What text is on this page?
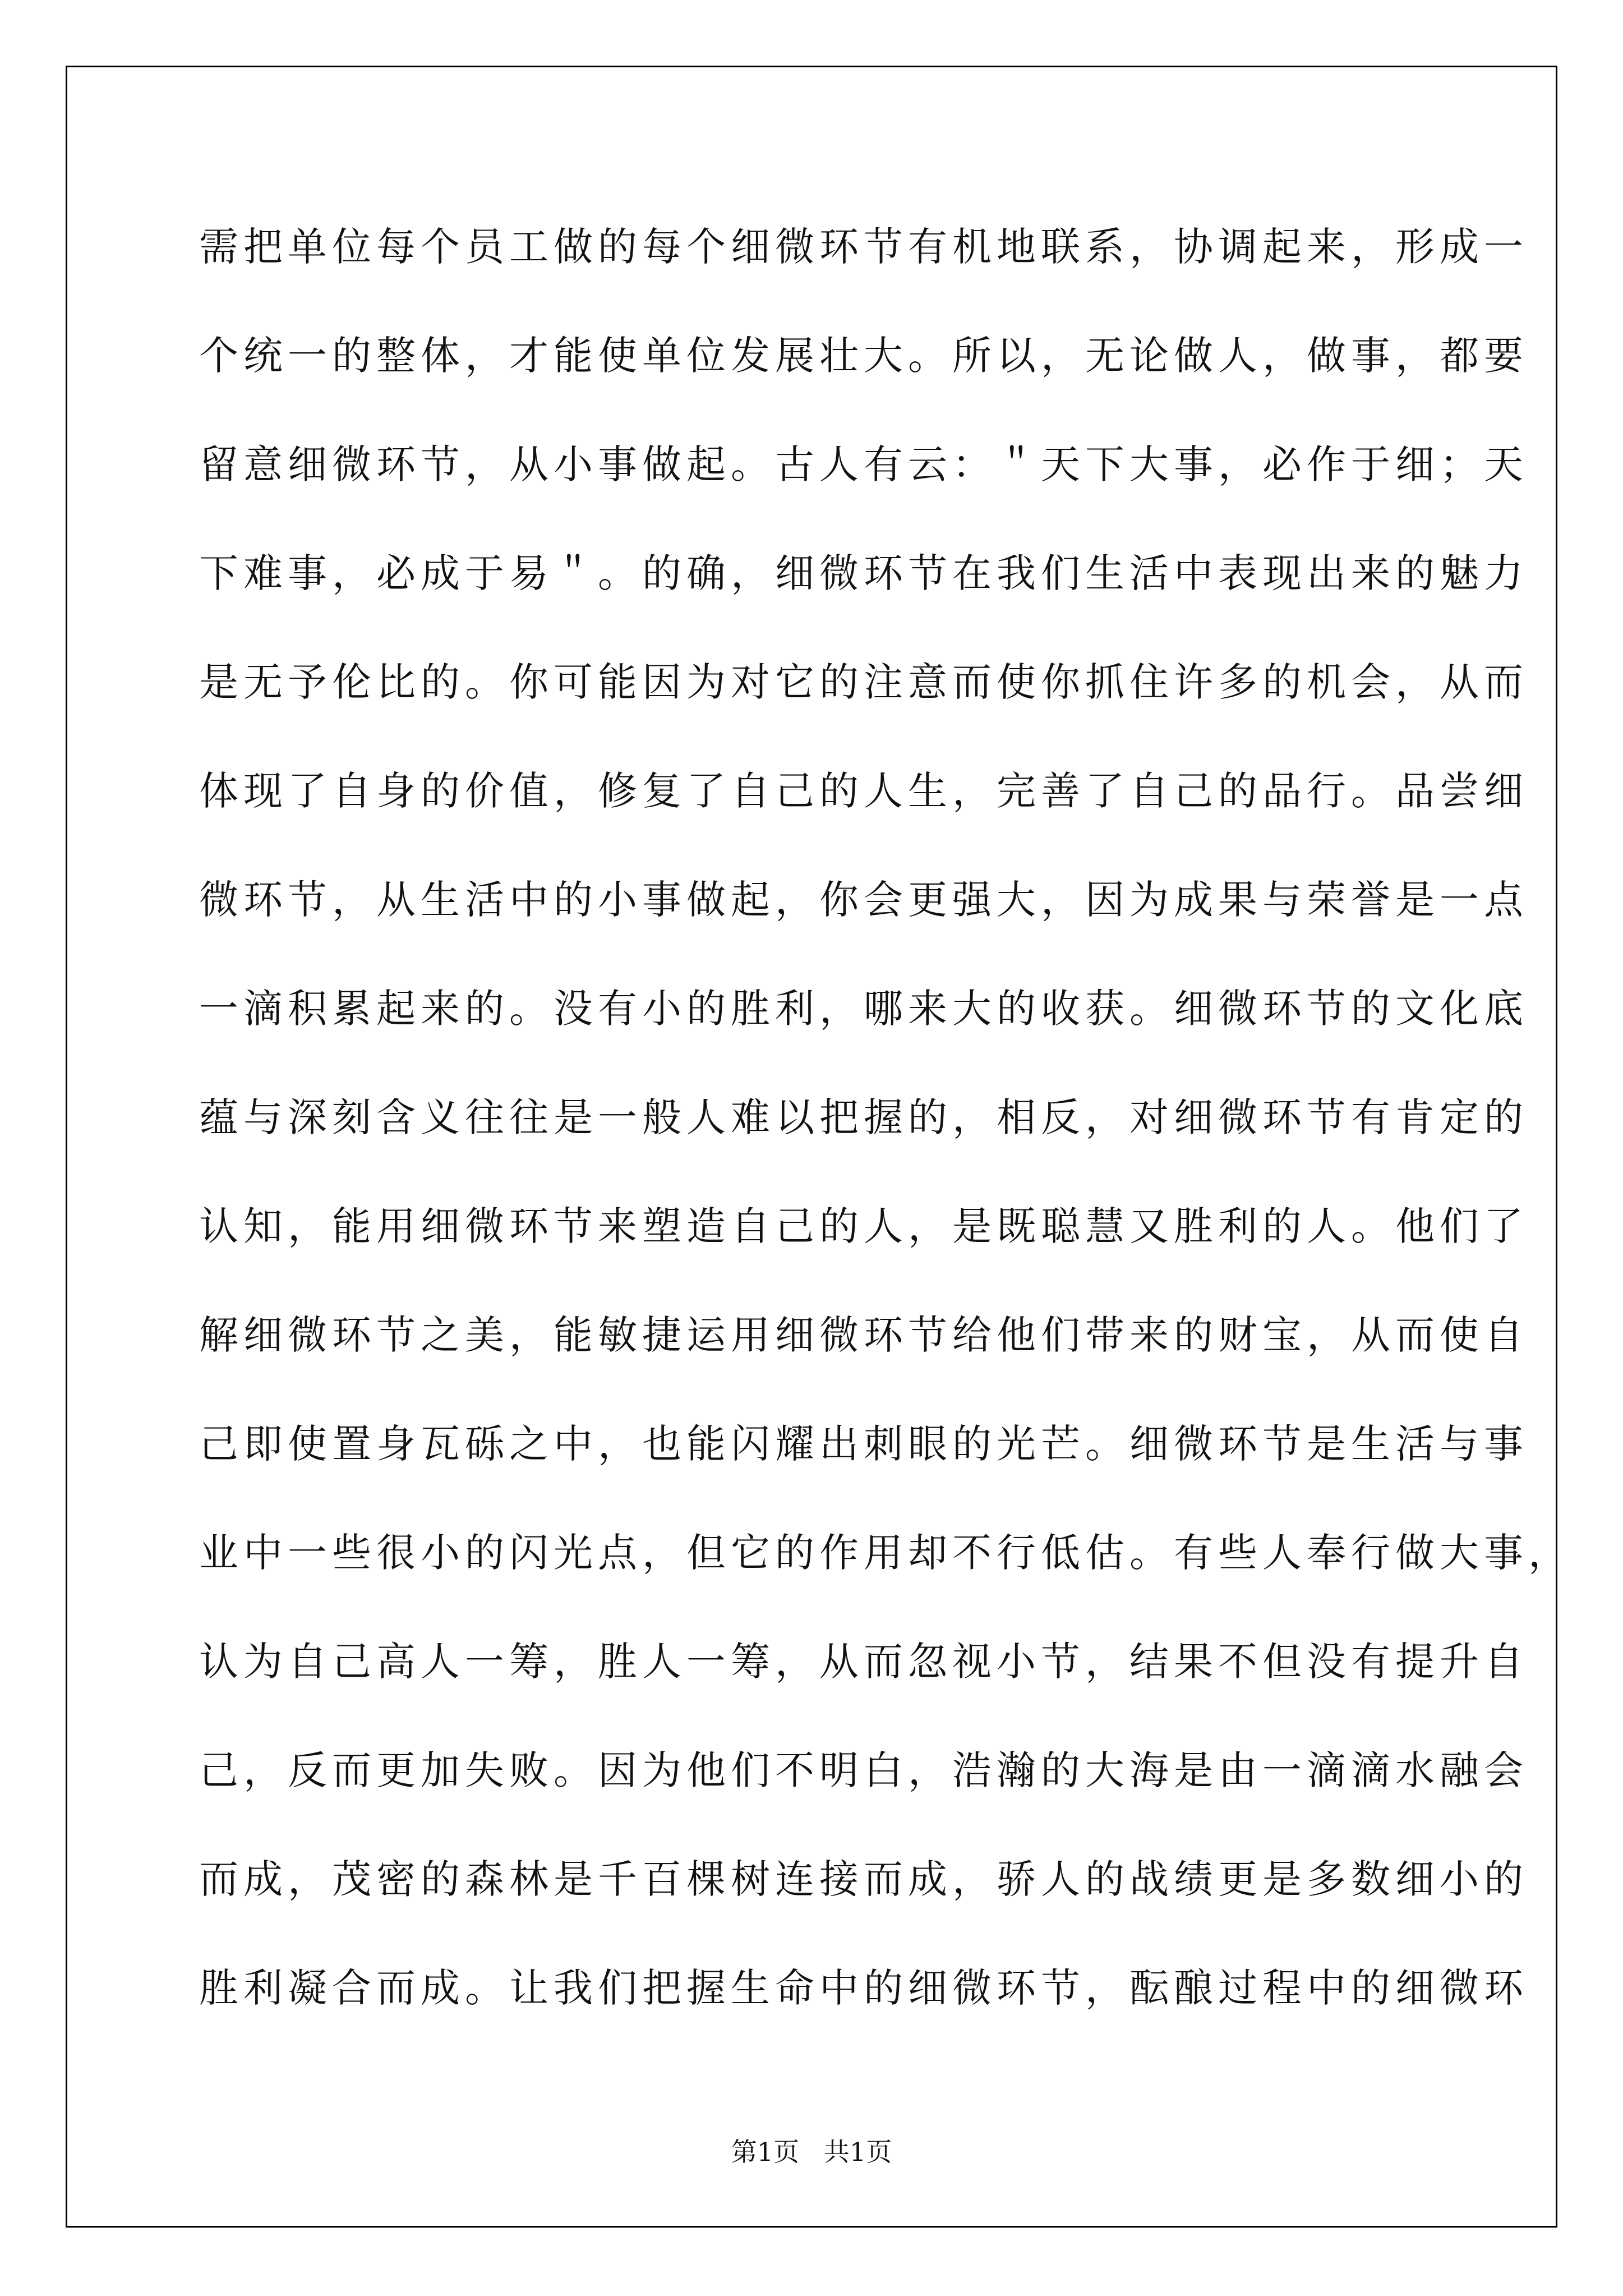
需把单位每个员工做的每个细微环节有机地联系，协调起来，形成一
个统一的整体，才能使单位发展壮大。所以，无论做人，做事，都要
留意细微环节，从小事做起。古人有云：＂天下大事，必作于细；天
下难事，必成于易＂。的确，细微环节在我们生活中表现出来的魅力
是无予伦比的。你可能因为对它的注意而使你抓住许多的机会，从而
体现了自身的价值，修复了自己的人生，完善了自己的品行。品尝细
微环节，从生活中的小事做起，你会更强大，因为成果与荣誉是一点
一滴积累起来的。没有小的胜利，哪来大的收获。细微环节的文化底
蕴与深刻含义往往是一般人难以把握的，相反，对细微环节有肯定的
认知，能用细微环节来塑造自己的人，是既聪慧又胜利的人。他们了
解细微环节之美，能敏捷运用细微环节给他们带来的财宝，从而使自
己即使置身瓦砾之中，也能闪耀出刺眼的光芒。细微环节是生活与事
业中一些很小的闪光点，但它的作用却不行低估。有些人奉行做大事，
认为自己高人一筹，胜人一筹，从而忽视小节，结果不但没有提升自
己，反而更加失败。因为他们不明白，浩瀚的大海是由一滴滴水融会
而成，茂密的森林是千百棵树连接而成，骄人的战绩更是多数细小的
胜利凝合而成。让我们把握生命中的细微环节，酝酿过程中的细微环
第1页   共1页
